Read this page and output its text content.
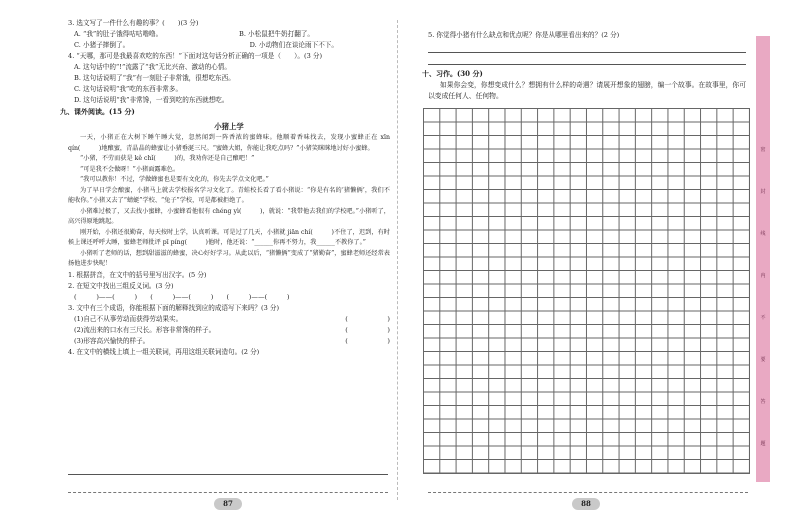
3. 选文写了一件什么有趣的事？(　　)(3 分)
A. “我”的肚子饿得咕咕噜噜。	B. 小松鼠把牛奶打翻了。
C. 小猪子摔倒了。	D. 小动物们在谈论雨下不下。
4. “天哪，那可是我最喜欢吃的东西！”下面对这句话分析正确的一项是（　　）。(3 分)
A. 这句话中的“!”流露了“我”无比兴奋、激动的心情。
B. 这句话说明了“我”有一刻肚子非常饿，很想吃东西。
C. 这句话说明“我”吃的东西非常多。
D. 这句话说明“我”非常馋，一看到吃的东西就想吃。
九、课外阅读。(15 分)
小猪上学

一天，小猪正在大树下睡午睡大觉，忽然闻到一阵香浓的蜜蜂味。他顺着香味找去，发现小蜜蜂正在 xīn qín(　　　)地酿蜜，青晶晶的蜂蜜让小猪垂涎三尺。“蜜蜂大姐，你能让我吃点吗？”小猪笑眯眯地讨好小蜜蜂。

“小猪，不劳而获是 kě chǐ(　　　)的，我劝你还是自己酿吧！”

“可是我不会做呀！”小猪面露难色。

“我可以教你！不过，学做蜂蜜也是要有文化的，你先去学点文化吧。”

为了早日学会酿蜜，小猪马上就去学校报名学习文化了。青蛙校长看了看小猪说：“你是有名的‘猪懒俩’，我们不能收你。”小猪又去了“蜻蜓”学校、“兔子”学校，可是都被拒绝了。

小猪难过极了，又去找小蜜蜂，小蜜蜂看他很有 chéng yì(　　　)，就说：“我带他去我们的学校吧。”小猪听了，高兴得原地跳起。

刚开始，小猪还很勤奋，每天按时上学，认真听课。可是过了几天，小猪就 jiān chí(　　　)不住了，迟到，有时候上课还呼呼大睡，蜜蜂老师批评 pī píng(　　　)他时，他还说：“______你再不努力，我______不教你了。”

小猪听了老师的话，想到甜滋滋的蜂蜜，决心好好学习。从此以后，“猪懒俩”变成了“猪勤奋”，蜜蜂老师还经常表扬他进步快呢！

1. 根据拼音，在文中的括号里写出汉字。(5 分)
2. 在短文中找出三组反义词。(3 分)
(　　　)——(　　　)　　(　　　)——(　　　)　　(　　　)——(　　　)
3. 文中有三个成语，你能根据下面的解释找到应的成语写下来吗？(3 分)
(1)自己不从事劳动而获得劳动果实。	(　　　　　　)
(2)流出来的口水有三尺长。形容非常馋的样子。	(　　　　　　)
(3)形容高兴愉快的样子。	(　　　　　　)
4. 在文中的横线上填上一组关联词，再用这组关联词造句。(2 分)
87
5. 你觉得小猪有什么缺点和优点呢？你是从哪里看出来的？(2 分)
十、习作。(30 分)

如果你会变，你想变成什么？想拥有什么样的奇遇？请展开想象的翅膀，编一个故事。在故事里，你可以变成任何人、任何物。

88
密
封
线
内
不
要
答
题
